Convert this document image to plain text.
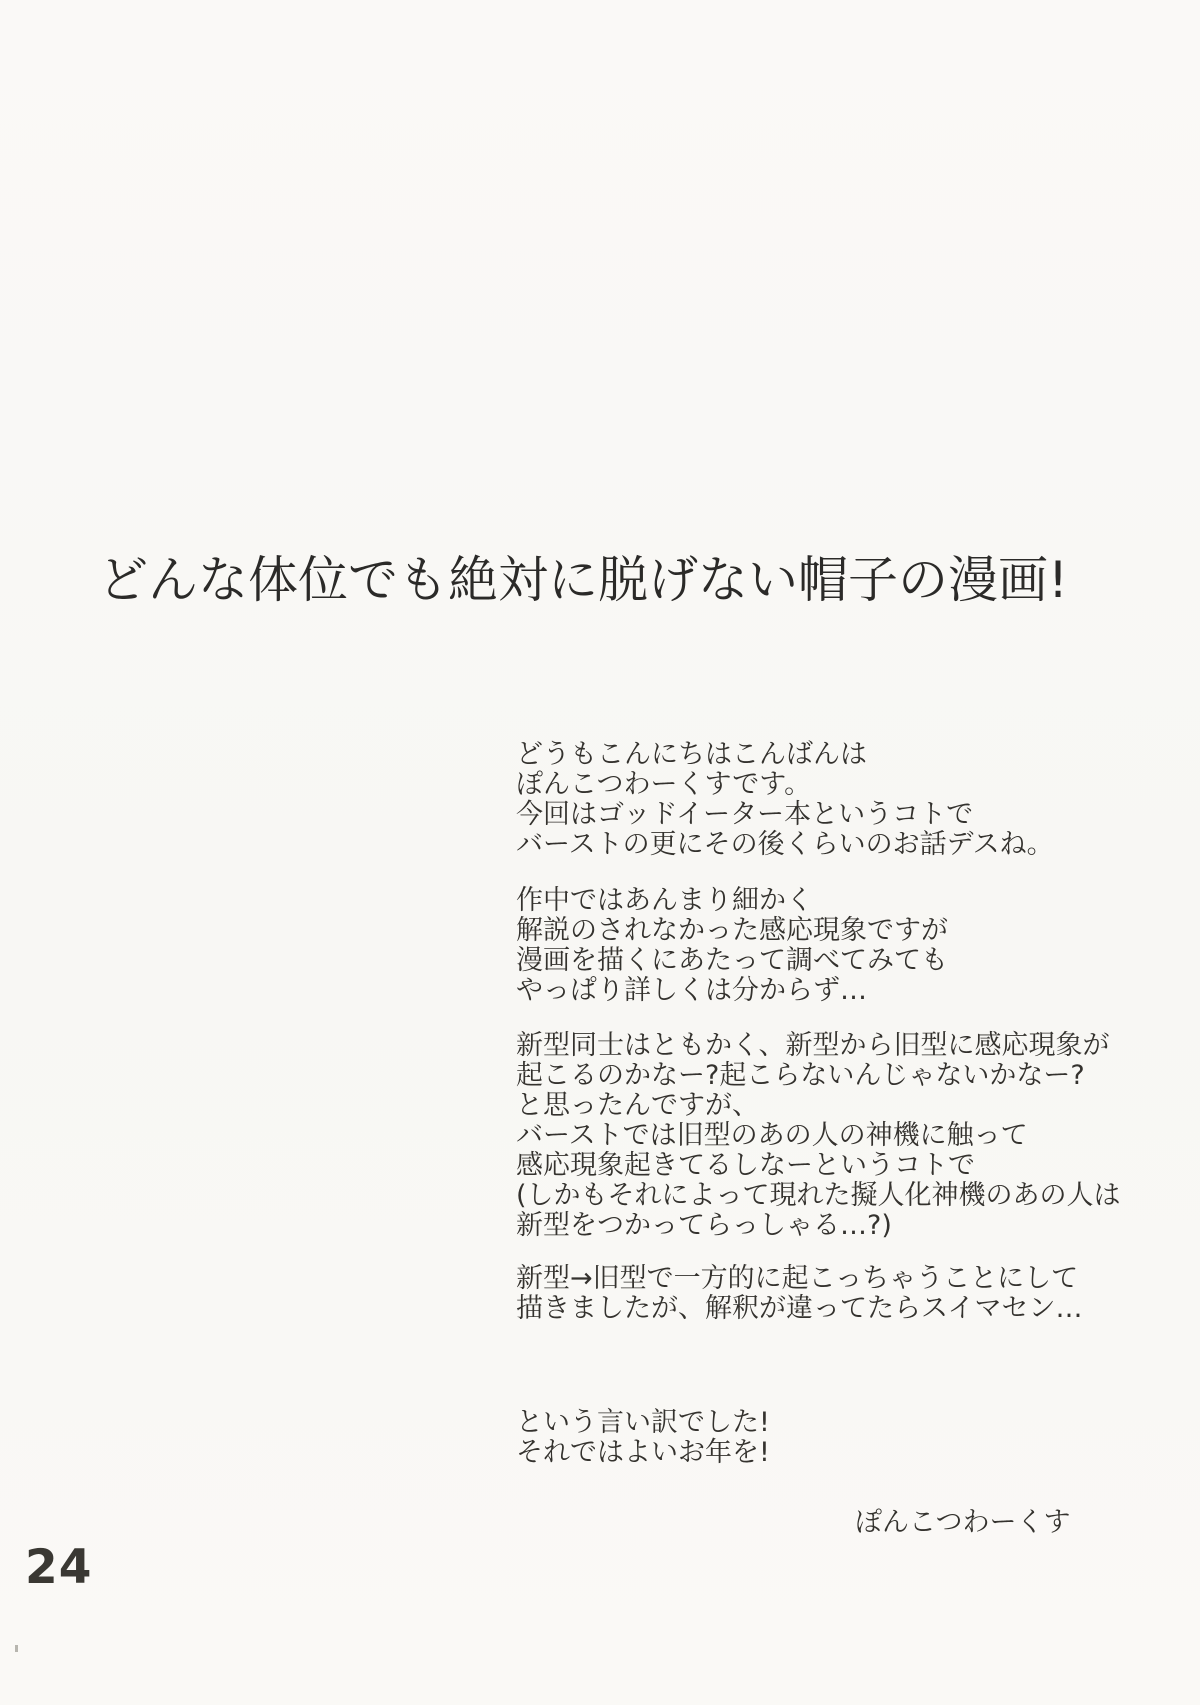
どんな体位でも絶対に脱げない帽子の漫画!
どうもこんにちはこんばんは
ぽんこつわーくすです。
今回はゴッドイーター本というコトで
バーストの更にその後くらいのお話デスね。
作中ではあんまり細かく
解説のされなかった感応現象ですが
漫画を描くにあたって調べてみても
やっぱり詳しくは分からず…
新型同士はともかく、新型から旧型に感応現象が
起こるのかなー?起こらないんじゃないかなー?
と思ったんですが、
バーストでは旧型のあの人の神機に触って
感応現象起きてるしなーというコトで
(しかもそれによって現れた擬人化神機のあの人は
新型をつかってらっしゃる…?)
新型→旧型で一方的に起こっちゃうことにして
描きましたが、解釈が違ってたらスイマセン…
という言い訳でした!
それではよいお年を!
ぽんこつわーくす
24
